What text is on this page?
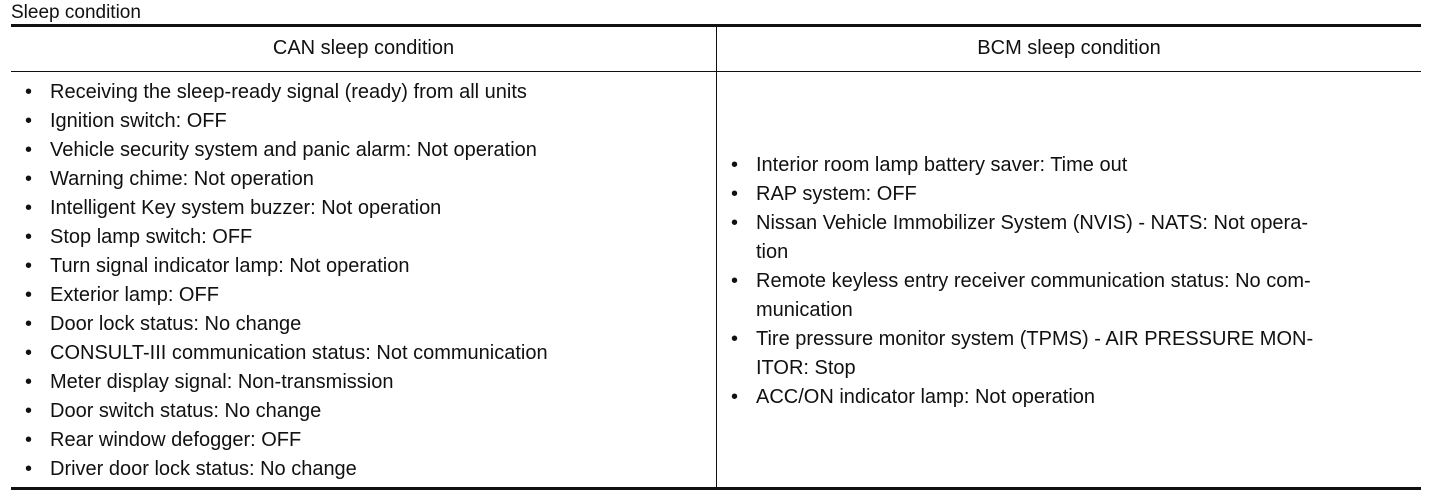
Sleep condition
CAN sleep condition	BCM sleep condition
• Receiving the sleep-ready signal (ready) from all units
• Ignition switch: OFF
• Vehicle security system and panic alarm: Not operation
• Warning chime: Not operation
• Intelligent Key system buzzer: Not operation
• Stop lamp switch: OFF
• Turn signal indicator lamp: Not operation
• Exterior lamp: OFF
• Door lock status: No change
• CONSULT-III communication status: Not communication
• Meter display signal: Non-transmission
• Door switch status: No change
• Rear window defogger: OFF
• Driver door lock status: No change
• Interior room lamp battery saver: Time out
• RAP system: OFF
• Nissan Vehicle Immobilizer System (NVIS) - NATS: Not opera-
tion
• Remote keyless entry receiver communication status: No com-
munication
• Tire pressure monitor system (TPMS) - AIR PRESSURE MON-
ITOR: Stop
• ACC/ON indicator lamp: Not operation
